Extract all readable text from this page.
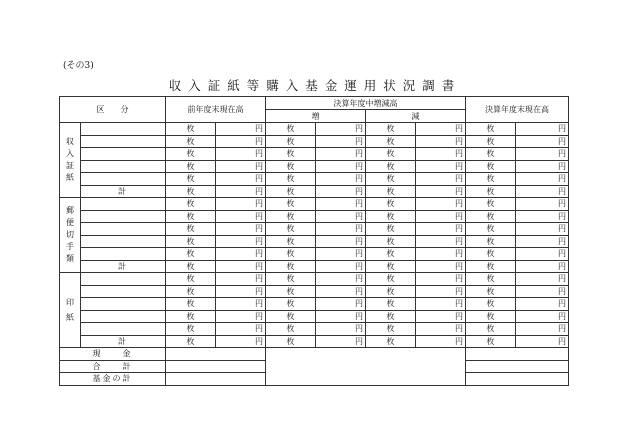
(その3)
収入証紙等購入基金運用状況調書
区　　分		前年度末現在高		決算年度中増減高				決算年度末現在高	
				増		減			
収入証紙		枚	円	枚	円	枚	円	枚	円
		枚	円	枚	円	枚	円	枚	円
		枚	円	枚	円	枚	円	枚	円
		枚	円	枚	円	枚	円	枚	円
		枚	円	枚	円	枚	円	枚	円
	計	枚	円	枚	円	枚	円	枚	円
郵便切手類		枚	円	枚	円	枚	円	枚	円
		枚	円	枚	円	枚	円	枚	円
		枚	円	枚	円	枚	円	枚	円
		枚	円	枚	円	枚	円	枚	円
		枚	円	枚	円	枚	円	枚	円
	計	枚	円	枚	円	枚	円	枚	円
印紙		枚	円	枚	円	枚	円	枚	円
		枚	円	枚	円	枚	円	枚	円
		枚	円	枚	円	枚	円	枚	円
		枚	円	枚	円	枚	円	枚	円
		枚	円	枚	円	枚	円	枚	円
	計	枚	円	枚	円	枚	円	枚	円
現　　金									
合　　計									
基金の計									
